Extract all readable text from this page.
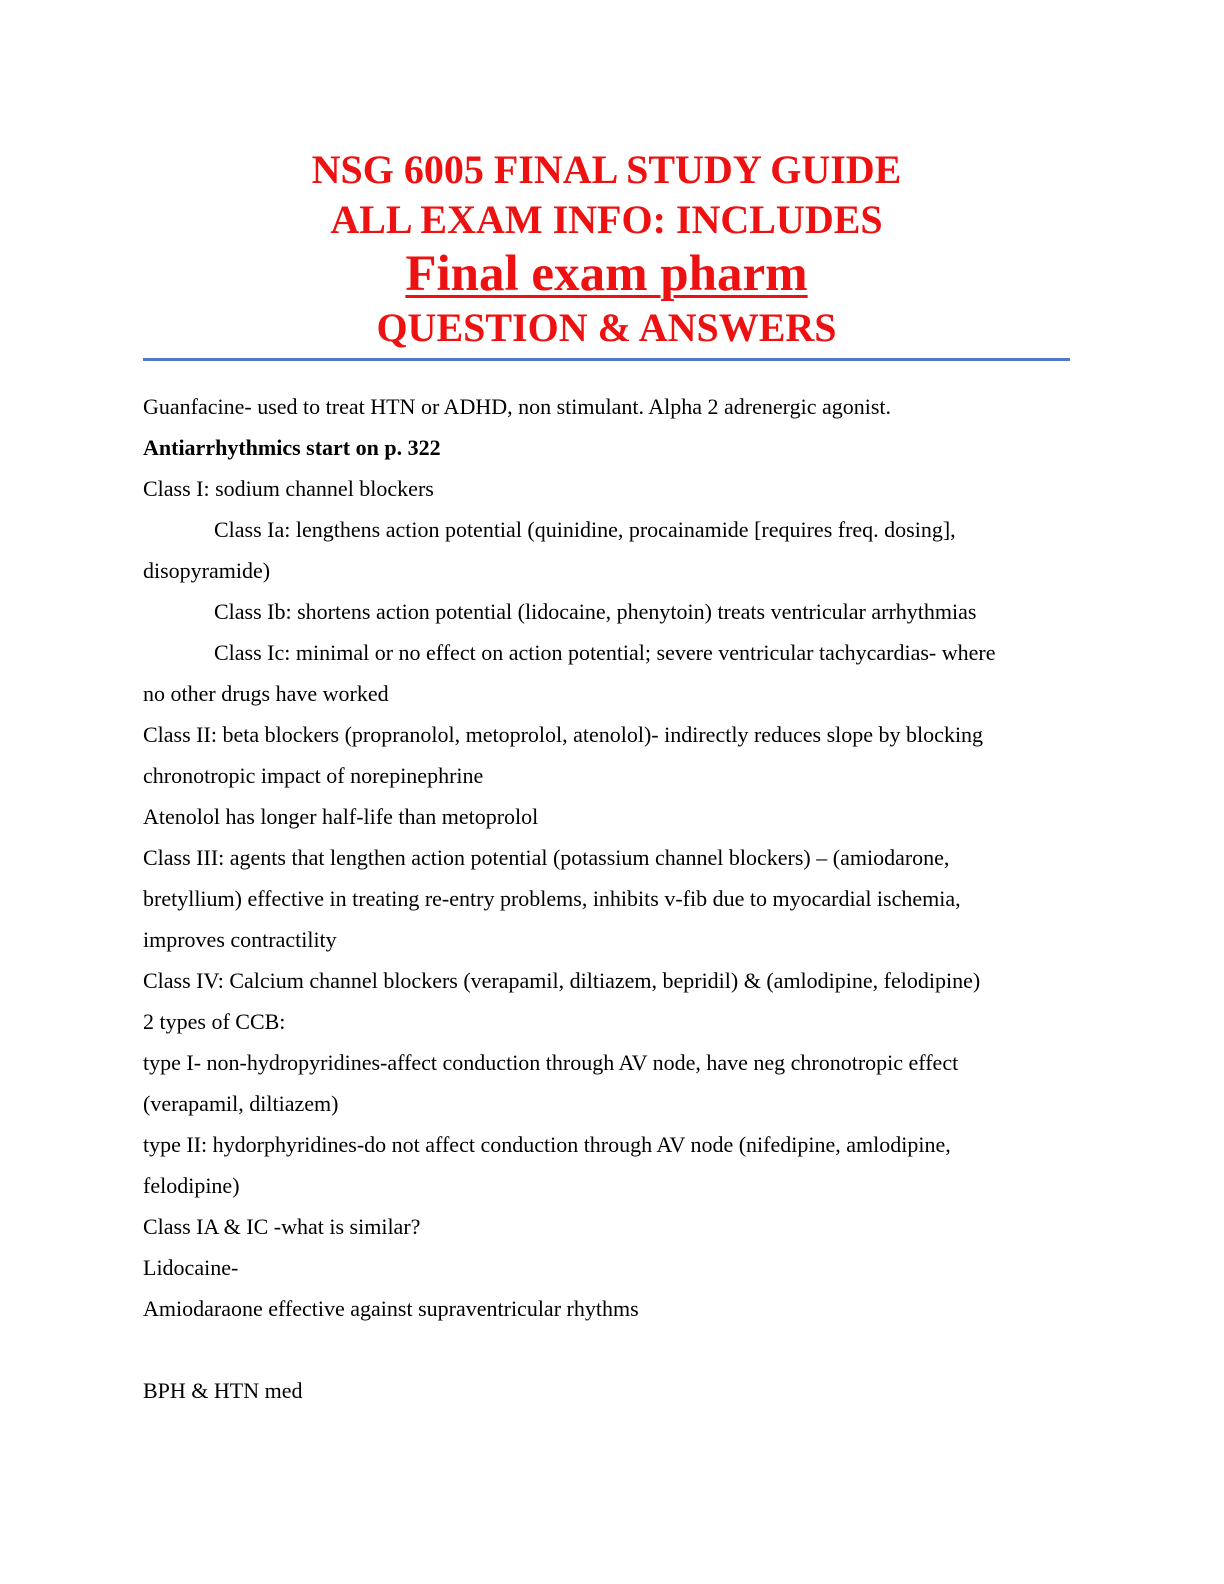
NSG 6005 FINAL STUDY GUIDE
ALL EXAM INFO: INCLUDES
Final exam pharm
QUESTION & ANSWERS
Guanfacine- used to treat HTN or ADHD, non stimulant. Alpha 2 adrenergic agonist.
Antiarrhythmics start on p. 322
Class I: sodium channel blockers
Class Ia: lengthens action potential (quinidine, procainamide [requires freq. dosing],
disopyramide)
Class Ib: shortens action potential (lidocaine, phenytoin) treats ventricular arrhythmias
Class Ic: minimal or no effect on action potential; severe ventricular tachycardias- where
no other drugs have worked
Class II: beta blockers (propranolol, metoprolol, atenolol)- indirectly reduces slope by blocking
chronotropic impact of norepinephrine
Atenolol has longer half-life than metoprolol
Class III: agents that lengthen action potential (potassium channel blockers) – (amiodarone,
bretyllium) effective in treating re-entry problems, inhibits v-fib due to myocardial ischemia,
improves contractility
Class IV: Calcium channel blockers (verapamil, diltiazem, bepridil) & (amlodipine, felodipine)
2 types of CCB:
type I- non-hydropyridines-affect conduction through AV node, have neg chronotropic effect
(verapamil, diltiazem)
type II: hydorphyridines-do not affect conduction through AV node (nifedipine, amlodipine,
felodipine)
Class IA & IC -what is similar?
Lidocaine-
Amiodaraone effective against supraventricular rhythms
BPH & HTN med
